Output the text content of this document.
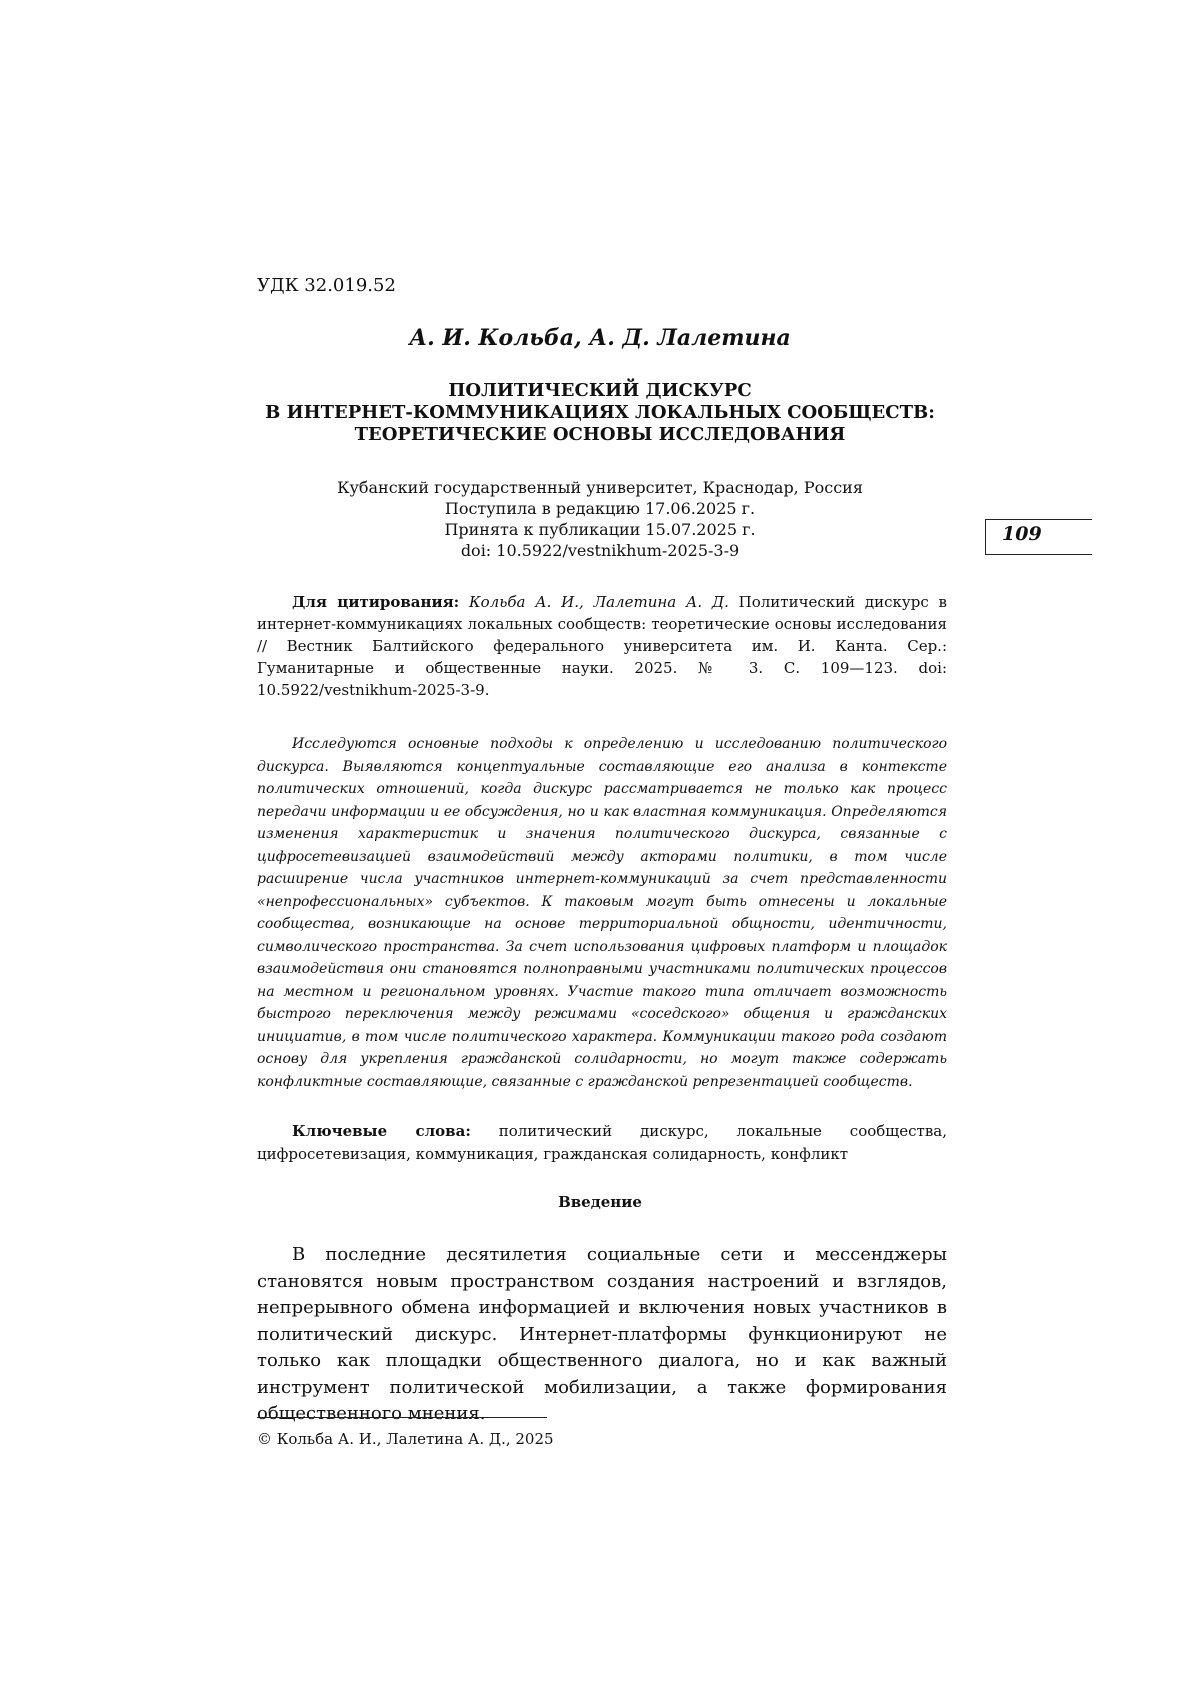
УДК 32.019.52
А. И. Кольба, А. Д. Лалетина
ПОЛИТИЧЕСКИЙ ДИСКУРС
В ИНТЕРНЕТ-КОММУНИКАЦИЯХ ЛОКАЛЬНЫХ СООБЩЕСТВ:
ТЕОРЕТИЧЕСКИЕ ОСНОВЫ ИССЛЕДОВАНИЯ
Кубанский государственный университет, Краснодар, Россия
Поступила в редакцию 17.06.2025 г.
Принята к публикации 15.07.2025 г.
doi: 10.5922/vestnikhum-2025-3-9
109
Для цитирования: Кольба А. И., Лалетина А. Д. Политический дискурс в интернет-коммуникациях локальных сообществ: теоретические основы исследования // Вестник Балтийского федерального университета им. И. Канта. Сер.: Гуманитарные и общественные науки. 2025. № 3. С. 109—123. doi: 10.5922/vestnikhum-2025-3-9.
Исследуются основные подходы к определению и исследованию политического дискурса. Выявляются концептуальные составляющие его анализа в контексте политических отношений, когда дискурс рассматривается не только как процесс передачи информации и ее обсуждения, но и как властная коммуникация. Определяются изменения характеристик и значения политического дискурса, связанные с цифросетевизацией взаимодействий между акторами политики, в том числе расширение числа участников интернет-коммуникаций за счет представленности «непрофессиональных» субъектов. К таковым могут быть отнесены и локальные сообщества, возникающие на основе территориальной общности, идентичности, символического пространства. За счет использования цифровых платформ и площадок взаимодействия они становятся полноправными участниками политических процессов на местном и региональном уровнях. Участие такого типа отличает возможность быстрого переключения между режимами «соседского» общения и гражданских инициатив, в том числе политического характера. Коммуникации такого рода создают основу для укрепления гражданской солидарности, но могут также содержать конфликтные составляющие, связанные с гражданской репрезентацией сообществ.
Ключевые слова: политический дискурс, локальные сообщества, цифросетевизация, коммуникация, гражданская солидарность, конфликт
Введение
В последние десятилетия социальные сети и мессенджеры становятся новым пространством создания настроений и взглядов, непрерывного обмена информацией и включения новых участников в политический дискурс. Интернет-платформы функционируют не только как площадки общественного диалога, но и как важный инструмент политической мобилизации, а также формирования общественного мнения.
© Кольба А. И., Лалетина А. Д., 2025
